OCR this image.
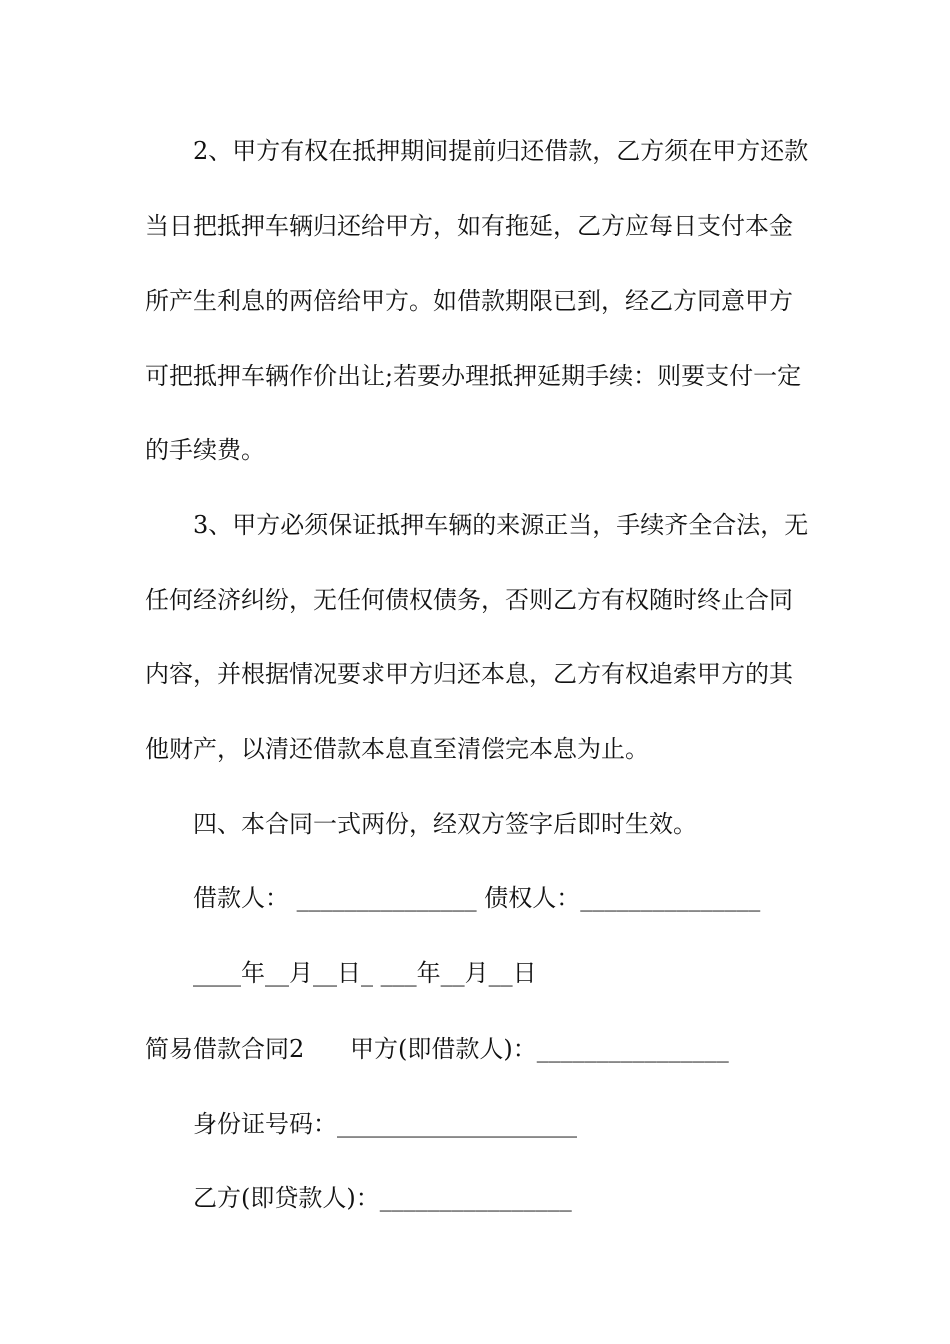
2、甲方有权在抵押期间提前归还借款，乙方须在甲方还款
当日把抵押车辆归还给甲方，如有拖延，乙方应每日支付本金
所产生利息的两倍给甲方。如借款期限已到，经乙方同意甲方
可把抵押车辆作价出让;若要办理抵押延期手续：则要支付一定
的手续费。
3、甲方必须保证抵押车辆的来源正当，手续齐全合法，无
任何经济纠纷，无任何债权债务，否则乙方有权随时终止合同
内容，并根据情况要求甲方归还本息，乙方有权追索甲方的其
他财产，以清还借款本息直至清偿完本息为止。
四、本合同一式两份，经双方签字后即时生效。
借款人： _______________ 债权人：_______________
____年__月__日_ ___年__月__日
简易借款合同2      甲方(即借款人)：________________
身份证号码：____________________
乙方(即贷款人)：________________
